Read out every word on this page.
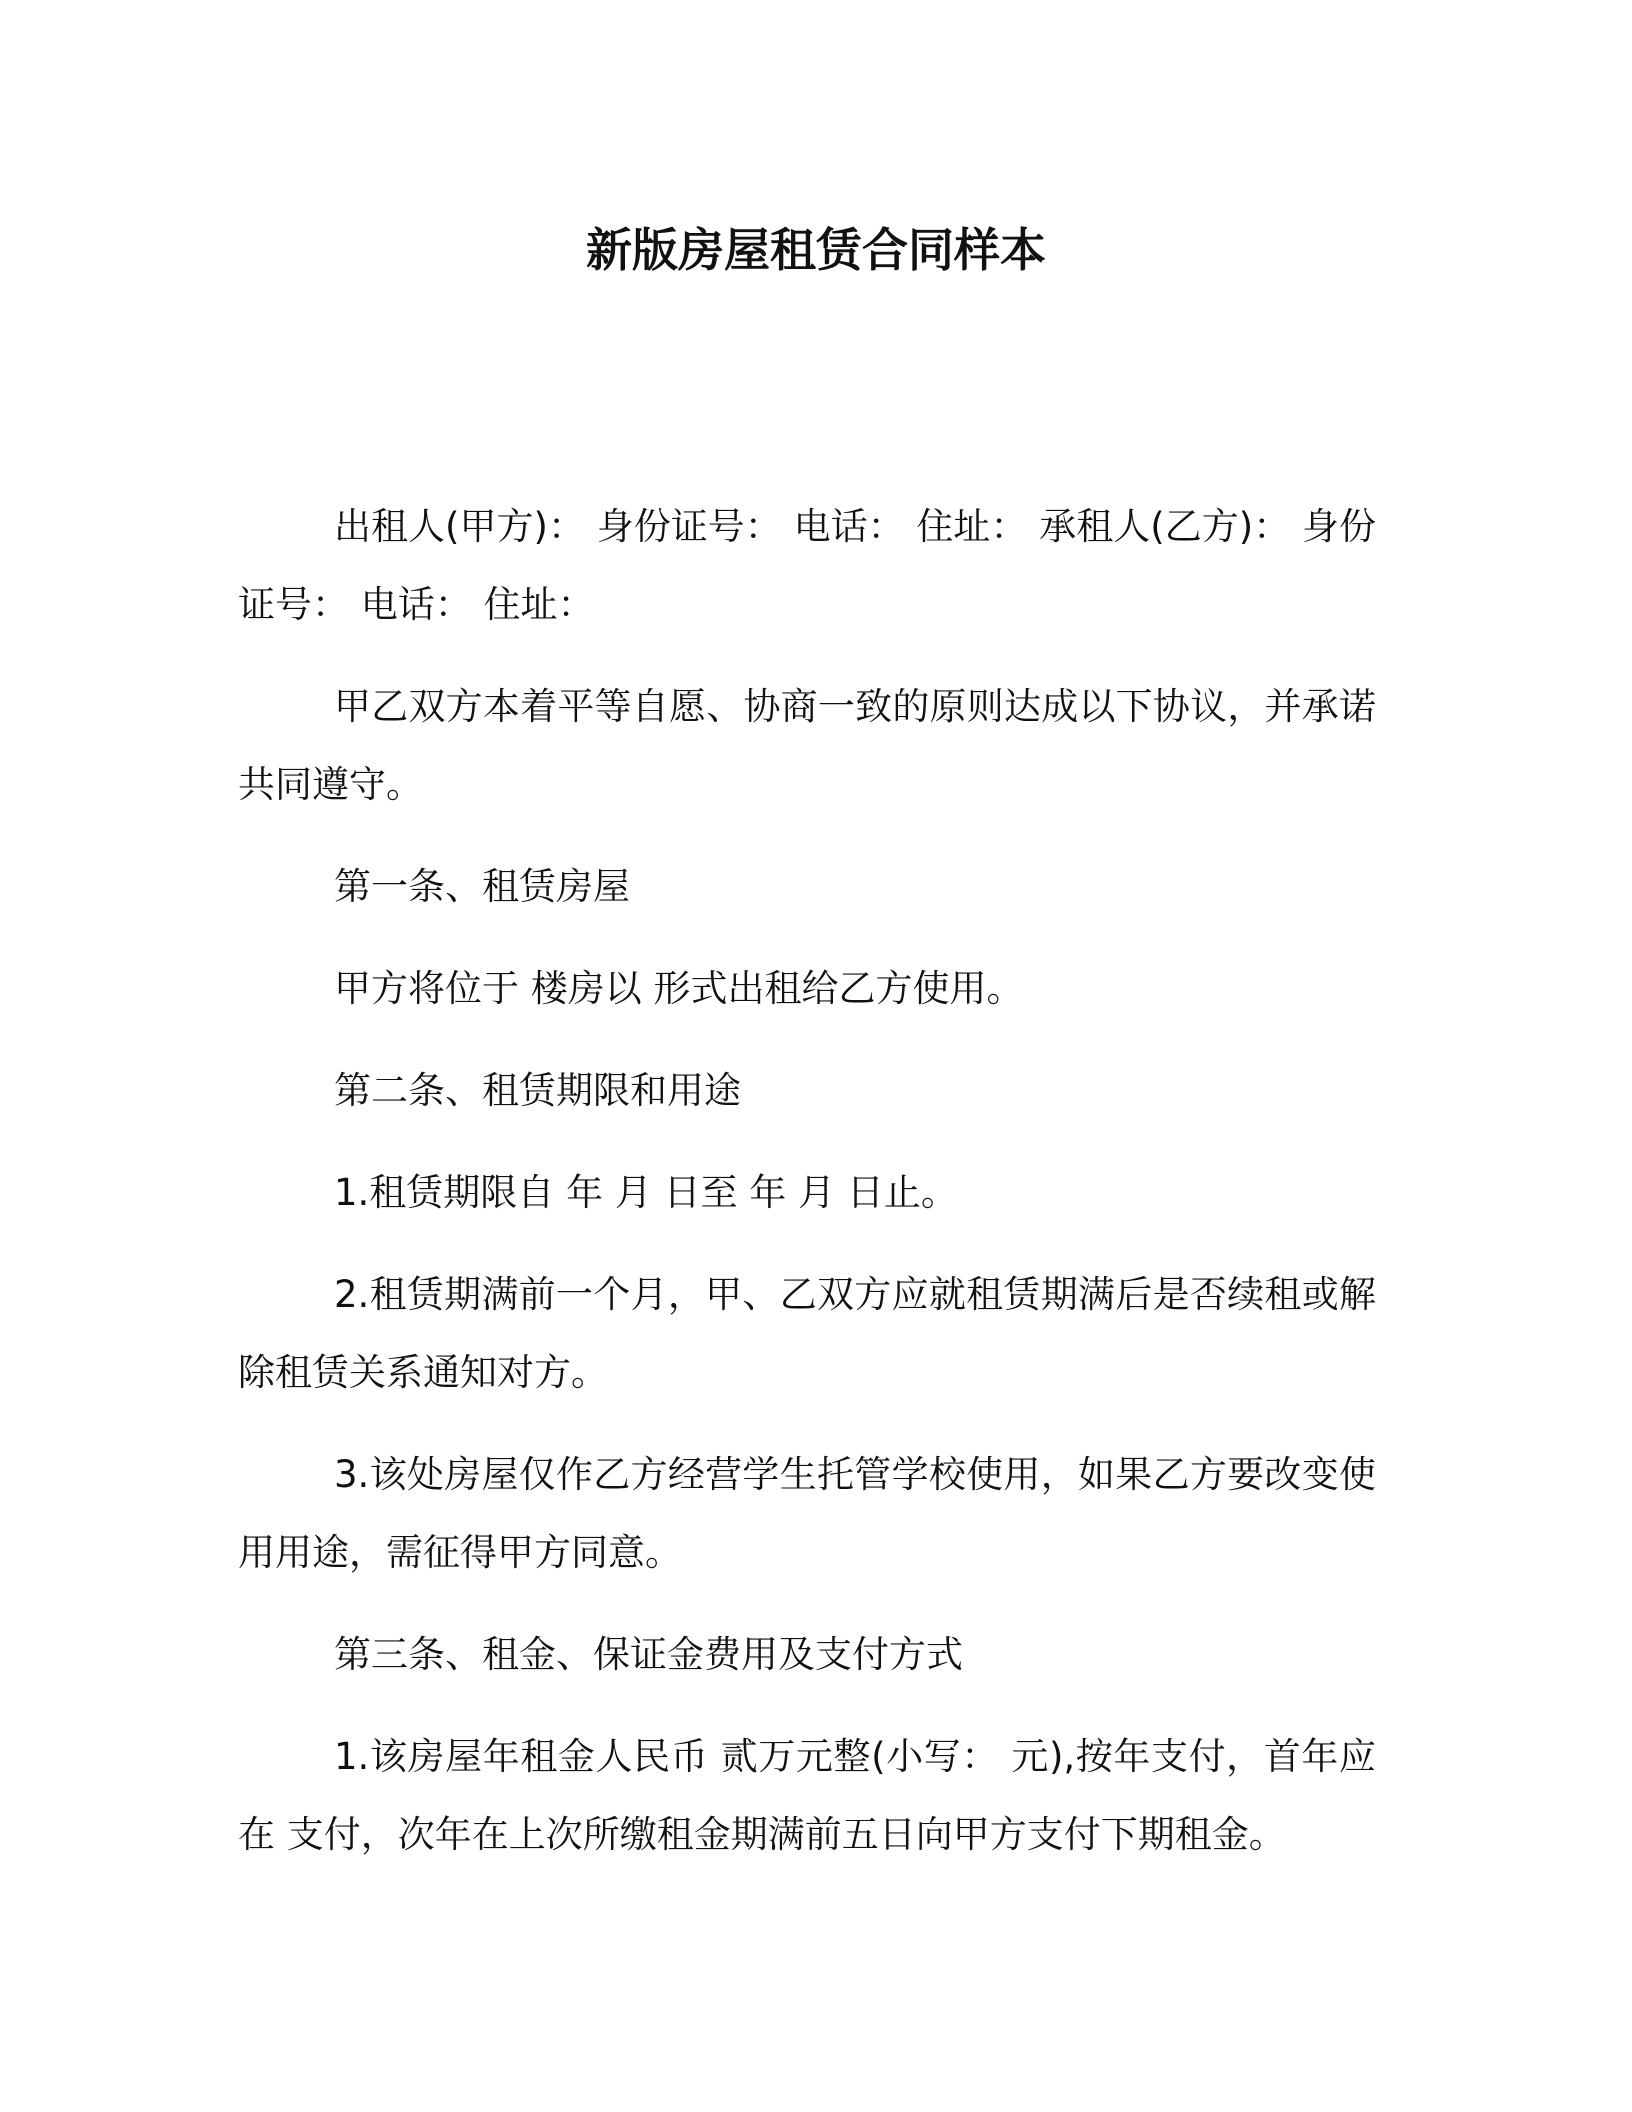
新版房屋租赁合同样本

出租人(甲方)： 身份证号： 电话： 住址： 承租人(乙方)： 身份证号： 电话： 住址：

甲乙双方本着平等自愿、协商一致的原则达成以下协议，并承诺共同遵守。

第一条、租赁房屋

甲方将位于 楼房以 形式出租给乙方使用。

第二条、租赁期限和用途

1.租赁期限自 年 月 日至 年 月 日止。

2.租赁期满前一个月，甲、乙双方应就租赁期满后是否续租或解除租赁关系通知对方。

3.该处房屋仅作乙方经营学生托管学校使用，如果乙方要改变使用用途，需征得甲方同意。

第三条、租金、保证金费用及支付方式

1.该房屋年租金人民币 贰万元整(小写： 元),按年支付，首年应在 支付，次年在上次所缴租金期满前五日向甲方支付下期租金。
